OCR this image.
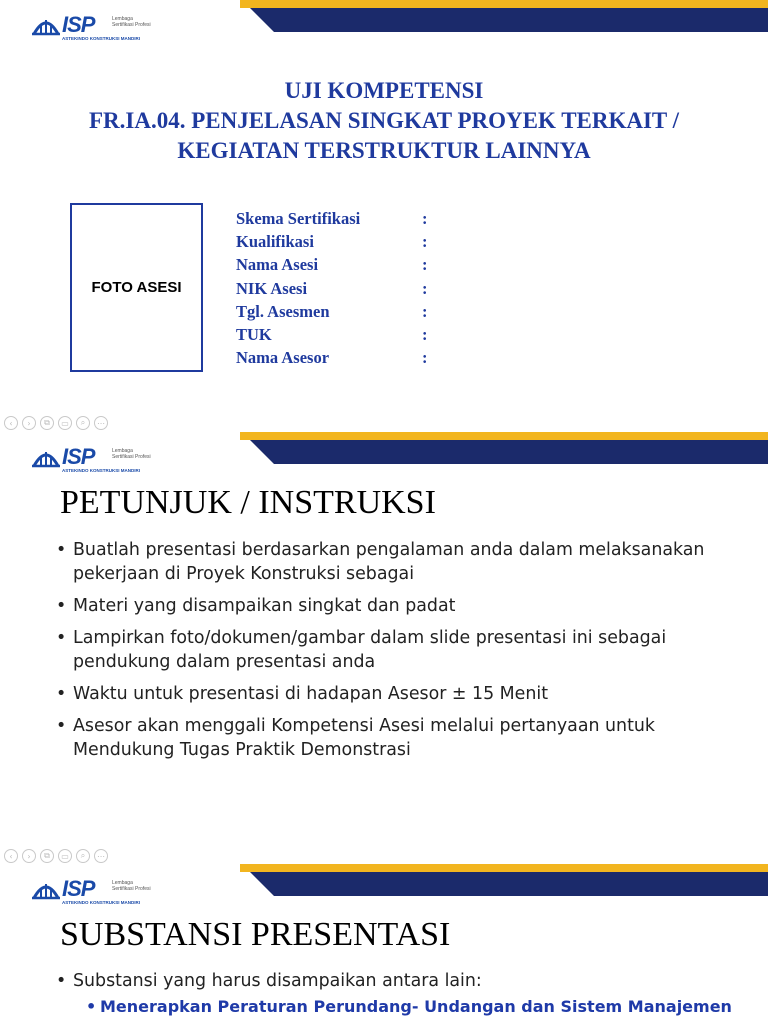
ISP	Lembaga Sertifikasi Profesi
ASTEKINDO KONSTRUKSI MANDIRI
UJI KOMPETENSI
FR.IA.04. PENJELASAN SINGKAT PROYEK TERKAIT /
KEGIATAN TERSTRUKTUR LAINNYA
FOTO ASESI
Skema Sertifikasi	:
Kualifikasi	:
Nama Asesi	:
NIK Asesi	:
Tgl. Asesmen	:
TUK	:
Nama Asesor	:
‹	›	⧉	▭	⌕	⋯
ISP	Lembaga Sertifikasi Profesi
ASTEKINDO KONSTRUKSI MANDIRI
PETUNJUK / INSTRUKSI
• Buatlah presentasi berdasarkan pengalaman anda dalam melaksanakan pekerjaan di Proyek Konstruksi sebagai
• Materi yang disampaikan singkat dan padat
• Lampirkan foto/dokumen/gambar dalam slide presentasi ini sebagai pendukung dalam presentasi anda
• Waktu untuk presentasi di hadapan Asesor ± 15 Menit
• Asesor akan menggali Kompetensi Asesi melalui pertanyaan untuk Mendukung Tugas Praktik Demonstrasi
‹	›	⧉	▭	⌕	⋯
ISP	Lembaga Sertifikasi Profesi
ASTEKINDO KONSTRUKSI MANDIRI
SUBSTANSI PRESENTASI
• Substansi yang harus disampaikan antara lain:
• Menerapkan Peraturan Perundang- Undangan dan Sistem Manajemen
